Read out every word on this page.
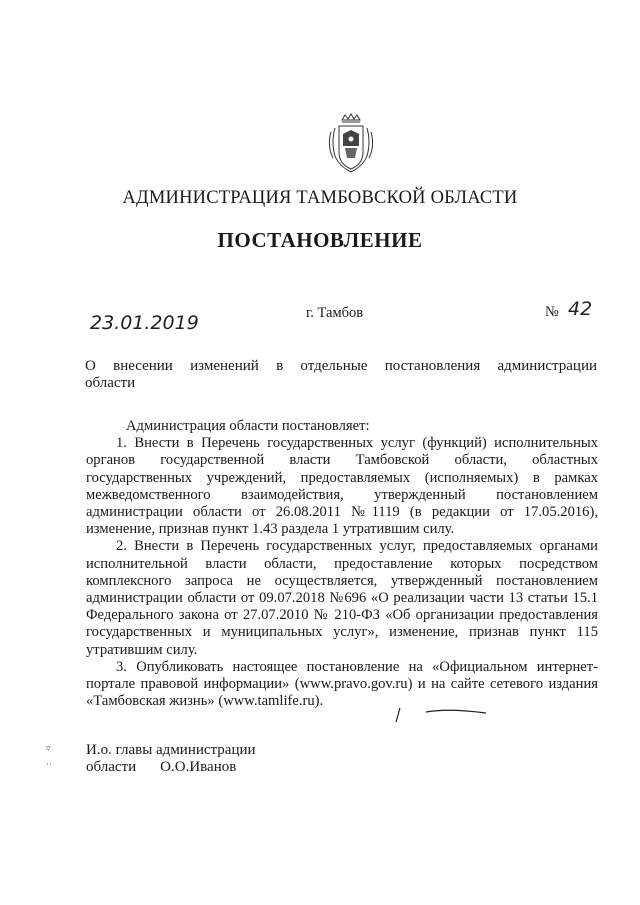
АДМИНИСТРАЦИЯ ТАМБОВСКОЙ ОБЛАСТИ
ПОСТАНОВЛЕНИЕ
23.01.2019	г. Тамбов	№ 42
О внесении изменений в отдельные постановления администрации
области

Администрация области постановляет:

1. Внести в Перечень государственных услуг (функций) исполнительных органов государственной власти Тамбовской области, областных государственных учреждений, предоставляемых (исполняемых) в рамках межведомственного взаимодействия, утвержденный постановлением администрации области от 26.08.2011 №1119 (в редакции от 17.05.2016), изменение, признав пункт 1.43 раздела 1 утратившим силу.

2. Внести в Перечень государственных услуг, предоставляемых органами исполнительной власти области, предоставление которых посредством комплексного запроса не осуществляется, утвержденный постановлением администрации области от 09.07.2018 №696 «О реализации части 13 статьи 15.1 Федерального закона от 27.07.2010 № 210-ФЗ «Об организации предоставления государственных и муниципальных услуг», изменение, признав пункт 115 утратившим силу.

3. Опубликовать настоящее постановление на «Официальном интернет-портале правовой информации» (www.pravo.gov.ru) и на сайте сетевого издания «Тамбовская жизнь» (www.tamlife.ru).

▿
··
И.о. главы администрации
области О.О.Иванов
